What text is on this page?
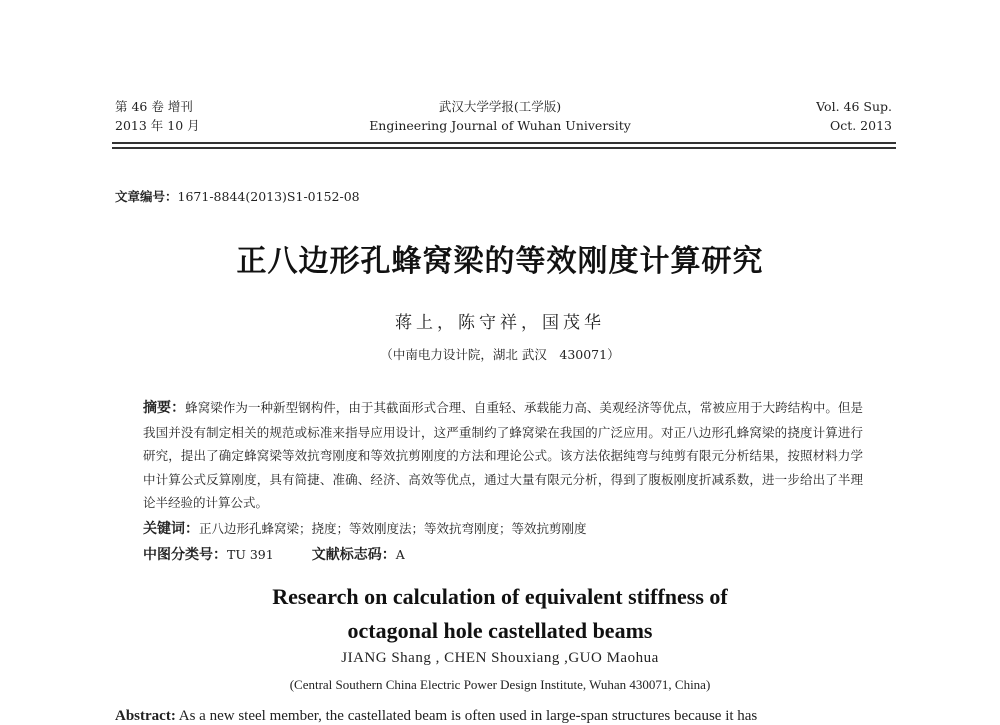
第 46 卷 增刊
2013 年 10 月
武汉大学学报(工学版)
Engineering Journal of Wuhan University
Vol. 46 Sup.
Oct. 2013
文章编号：1671-8844(2013)S1-0152-08
正八边形孔蜂窝梁的等效刚度计算研究
蒋上，陈守祥，国茂华
（中南电力设计院，湖北 武汉　430071）
摘要：蜂窝梁作为一种新型钢构件，由于其截面形式合理、自重轻、承载能力高、美观经济等优点，常被应用于大跨结构中。但是我国并没有制定相关的规范或标准来指导应用设计，这严重制约了蜂窝梁在我国的广泛应用。对正八边形孔蜂窝梁的挠度计算进行研究，提出了确定蜂窝梁等效抗弯刚度和等效抗剪刚度的方法和理论公式。该方法依据纯弯与纯剪有限元分析结果，按照材料力学中计算公式反算刚度，具有简捷、准确、经济、高效等优点，通过大量有限元分析，得到了腹板刚度折减系数，进一步给出了半理论半经验的计算公式。
关键词：正八边形孔蜂窝梁；挠度；等效刚度法；等效抗弯刚度；等效抗剪刚度
中图分类号：TU 391	文献标志码：A
Research on calculation of equivalent stiffness of
octagonal hole castellated beams
JIANG Shang , CHEN Shouxiang ,GUO Maohua
(Central Southern China Electric Power Design Institute, Wuhan 430071, China)
Abstract: As a new steel member, the castellated beam is often used in large-span structures because it has
